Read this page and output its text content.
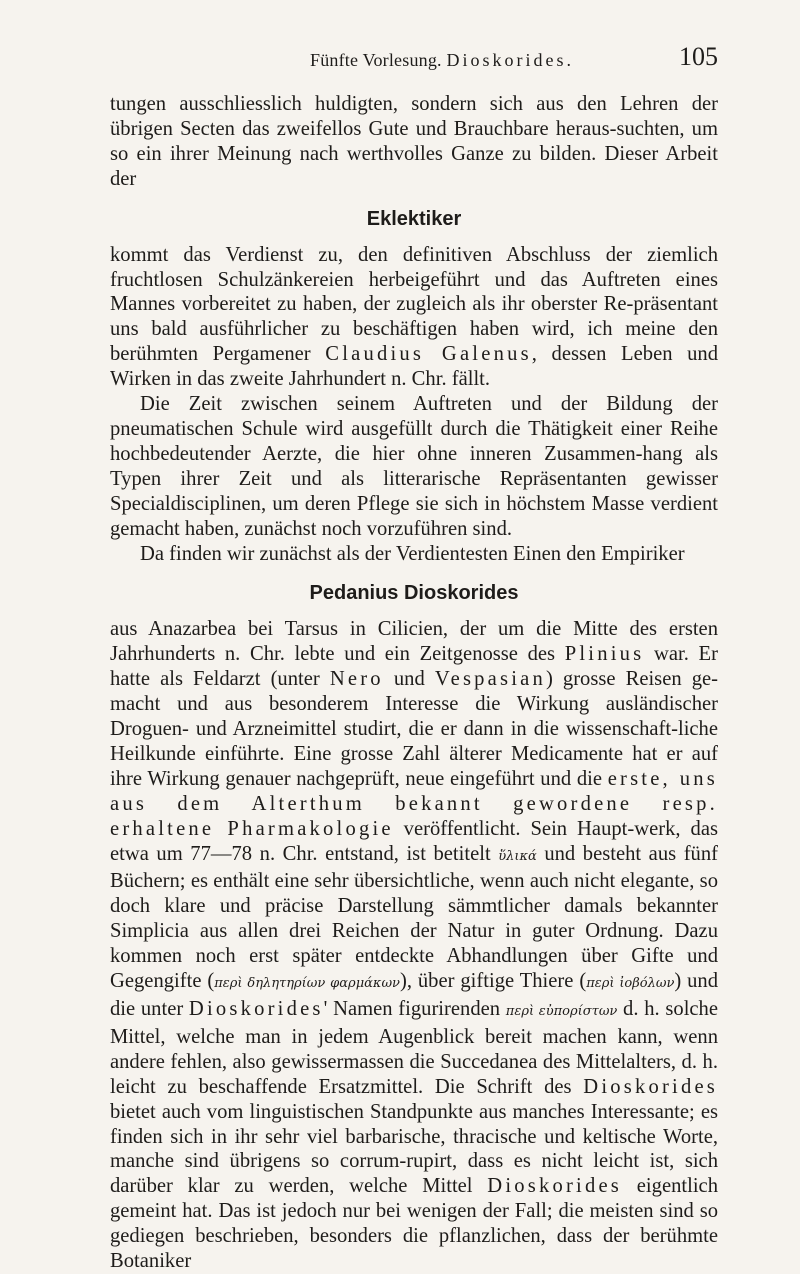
Fünfte Vorlesung. Dioskorides.	105

tungen ausschliesslich huldigten, sondern sich aus den Lehren der übrigen Secten das zweifellos Gute und Brauchbare heraus-suchten, um so ein ihrer Meinung nach werthvolles Ganze zu bilden. Dieser Arbeit der

Eklektiker

kommt das Verdienst zu, den definitiven Abschluss der ziemlich fruchtlosen Schulzänkereien herbeigeführt und das Auftreten eines Mannes vorbereitet zu haben, der zugleich als ihr oberster Re-präsentant uns bald ausführlicher zu beschäftigen haben wird, ich meine den berühmten Pergamener Claudius Galenus, dessen Leben und Wirken in das zweite Jahrhundert n. Chr. fällt.

Die Zeit zwischen seinem Auftreten und der Bildung der pneumatischen Schule wird ausgefüllt durch die Thätigkeit einer Reihe hochbedeutender Aerzte, die hier ohne inneren Zusammen-hang als Typen ihrer Zeit und als litterarische Repräsentanten gewisser Specialdisciplinen, um deren Pflege sie sich in höchstem Masse verdient gemacht haben, zunächst noch vorzuführen sind.

Da finden wir zunächst als der Verdientesten Einen den Empiriker

Pedanius Dioskorides

aus Anazarbea bei Tarsus in Cilicien, der um die Mitte des ersten Jahrhunderts n. Chr. lebte und ein Zeitgenosse des Plinius war. Er hatte als Feldarzt (unter Nero und Vespasian) grosse Reisen ge-macht und aus besonderem Interesse die Wirkung ausländischer Droguen- und Arzneimittel studirt, die er dann in die wissenschaft-liche Heilkunde einführte. Eine grosse Zahl älterer Medicamente hat er auf ihre Wirkung genauer nachgeprüft, neue eingeführt und die erste, uns aus dem Alterthum bekannt gewordene resp. erhaltene Pharmakologie veröffentlicht. Sein Haupt-werk, das etwa um 77—78 n. Chr. entstand, ist betitelt ὕλικά und besteht aus fünf Büchern; es enthält eine sehr übersichtliche, wenn auch nicht elegante, so doch klare und präcise Darstellung sämmtlicher damals bekannter Simplicia aus allen drei Reichen der Natur in guter Ordnung. Dazu kommen noch erst später entdeckte Abhandlungen über Gifte und Gegengifte (περὶ δηλητηρίων φαρμάκων), über giftige Thiere (περὶ ἰοβόλων) und die unter Dioskorides' Namen figurirenden περὶ εὐπορίστων d. h. solche Mittel, welche man in jedem Augenblick bereit machen kann, wenn andere fehlen, also gewissermassen die Succedanea des Mittelalters, d. h. leicht zu beschaffende Ersatzmittel. Die Schrift des Dioskorides bietet auch vom linguistischen Standpunkte aus manches Interessante; es finden sich in ihr sehr viel barbarische, thracische und keltische Worte, manche sind übrigens so corrum-rupirt, dass es nicht leicht ist, sich darüber klar zu werden, welche Mittel Dioskorides eigentlich gemeint hat. Das ist jedoch nur bei wenigen der Fall; die meisten sind so gediegen beschrieben, besonders die pflanzlichen, dass der berühmte Botaniker
